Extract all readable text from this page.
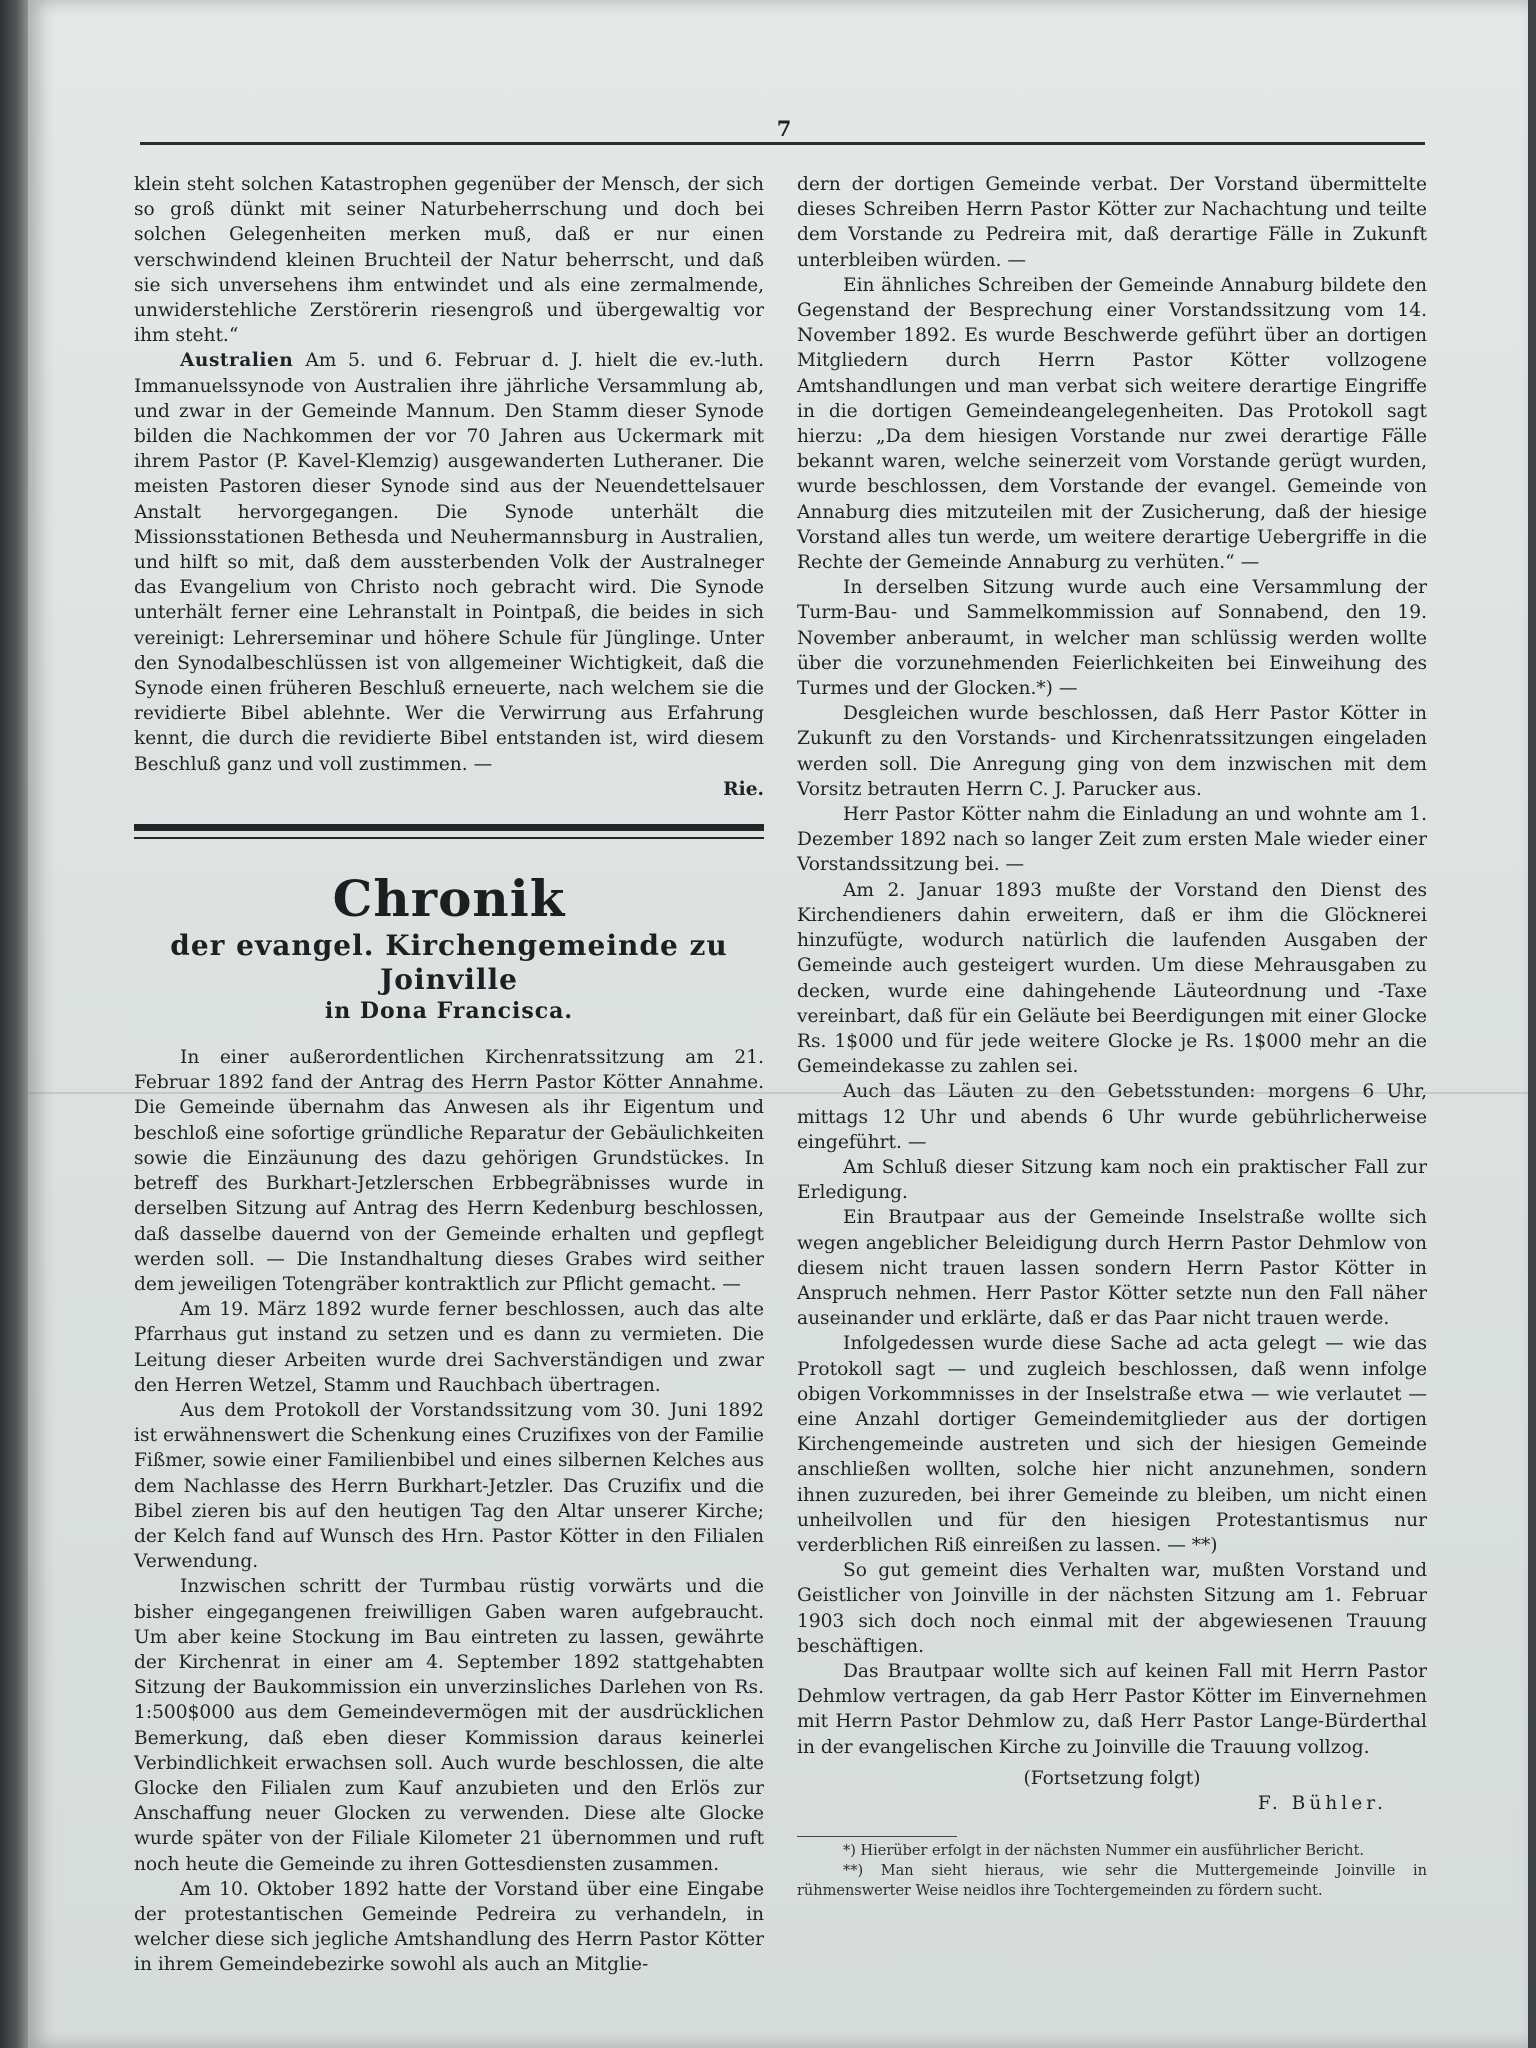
7

klein steht solchen Katastrophen gegenüber der Mensch, der sich so groß dünkt mit seiner Naturbeherrschung und doch bei solchen Gelegenheiten merken muß, daß er nur einen verschwindend kleinen Bruchteil der Natur beherrscht, und daß sie sich unversehens ihm entwindet und als eine zermalmende, unwiderstehliche Zerstörerin riesengroß und übergewaltig vor ihm steht.“

Australien Am 5. und 6. Februar d. J. hielt die ev.-luth. Immanuelssynode von Australien ihre jährliche Versammlung ab, und zwar in der Gemeinde Mannum. Den Stamm dieser Synode bilden die Nachkommen der vor 70 Jahren aus Uckermark mit ihrem Pastor (P. Kavel-Klemzig) ausgewanderten Lutheraner. Die meisten Pastoren dieser Synode sind aus der Neuendettelsauer Anstalt hervorgegangen. Die Synode unterhält die Missionsstationen Bethesda und Neuhermannsburg in Australien, und hilft so mit, daß dem aussterbenden Volk der Australneger das Evangelium von Christo noch gebracht wird. Die Synode unterhält ferner eine Lehranstalt in Pointpaß, die beides in sich vereinigt: Lehrerseminar und höhere Schule für Jünglinge. Unter den Synodalbeschlüssen ist von allgemeiner Wichtigkeit, daß die Synode einen früheren Beschluß erneuerte, nach welchem sie die revidierte Bibel ablehnte. Wer die Verwirrung aus Erfahrung kennt, die durch die revidierte Bibel entstanden ist, wird diesem Beschluß ganz und voll zustimmen. —
Rie.

Chronik
der evangel. Kirchengemeinde zu Joinville
in Dona Francisca.

In einer außerordentlichen Kirchenratssitzung am 21. Februar 1892 fand der Antrag des Herrn Pastor Kötter Annahme. Die Gemeinde übernahm das Anwesen als ihr Eigentum und beschloß eine sofortige gründliche Reparatur der Gebäulichkeiten sowie die Einzäunung des dazu gehörigen Grundstückes. In betreff des Burkhart-Jetzlerschen Erbbegräbnisses wurde in derselben Sitzung auf Antrag des Herrn Kedenburg beschlossen, daß dasselbe dauernd von der Gemeinde erhalten und gepflegt werden soll. — Die Instandhaltung dieses Grabes wird seither dem jeweiligen Totengräber kontraktlich zur Pflicht gemacht. —

Am 19. März 1892 wurde ferner beschlossen, auch das alte Pfarrhaus gut instand zu setzen und es dann zu vermieten. Die Leitung dieser Arbeiten wurde drei Sachverständigen und zwar den Herren Wetzel, Stamm und Rauchbach übertragen.

Aus dem Protokoll der Vorstandssitzung vom 30. Juni 1892 ist erwähnenswert die Schenkung eines Cruzifixes von der Familie Fißmer, sowie einer Familienbibel und eines silbernen Kelches aus dem Nachlasse des Herrn Burkhart-Jetzler. Das Cruzifix und die Bibel zieren bis auf den heutigen Tag den Altar unserer Kirche; der Kelch fand auf Wunsch des Hrn. Pastor Kötter in den Filialen Verwendung.

Inzwischen schritt der Turmbau rüstig vorwärts und die bisher eingegangenen freiwilligen Gaben waren aufgebraucht. Um aber keine Stockung im Bau eintreten zu lassen, gewährte der Kirchenrat in einer am 4. September 1892 stattgehabten Sitzung der Baukommission ein unverzinsliches Darlehen von Rs. 1:500$000 aus dem Gemeindevermögen mit der ausdrücklichen Bemerkung, daß eben dieser Kommission daraus keinerlei Verbindlichkeit erwachsen soll. Auch wurde beschlossen, die alte Glocke den Filialen zum Kauf anzubieten und den Erlös zur Anschaffung neuer Glocken zu verwenden. Diese alte Glocke wurde später von der Filiale Kilometer 21 übernommen und ruft noch heute die Gemeinde zu ihren Gottesdiensten zusammen.

Am 10. Oktober 1892 hatte der Vorstand über eine Eingabe der protestantischen Gemeinde Pedreira zu verhandeln, in welcher diese sich jegliche Amtshandlung des Herrn Pastor Kötter in ihrem Gemeindebezirke sowohl als auch an Mitglie-

dern der dortigen Gemeinde verbat. Der Vorstand übermittelte dieses Schreiben Herrn Pastor Kötter zur Nachachtung und teilte dem Vorstande zu Pedreira mit, daß derartige Fälle in Zukunft unterbleiben würden. —

Ein ähnliches Schreiben der Gemeinde Annaburg bildete den Gegenstand der Besprechung einer Vorstandssitzung vom 14. November 1892. Es wurde Beschwerde geführt über an dortigen Mitgliedern durch Herrn Pastor Kötter vollzogene Amtshandlungen und man verbat sich weitere derartige Eingriffe in die dortigen Gemeindeangelegenheiten. Das Protokoll sagt hierzu: „Da dem hiesigen Vorstande nur zwei derartige Fälle bekannt waren, welche seinerzeit vom Vorstande gerügt wurden, wurde beschlossen, dem Vorstande der evangel. Gemeinde von Annaburg dies mitzuteilen mit der Zusicherung, daß der hiesige Vorstand alles tun werde, um weitere derartige Uebergriffe in die Rechte der Gemeinde Annaburg zu verhüten.“ —

In derselben Sitzung wurde auch eine Versammlung der Turm-Bau- und Sammelkommission auf Sonnabend, den 19. November anberaumt, in welcher man schlüssig werden wollte über die vorzunehmenden Feierlichkeiten bei Einweihung des Turmes und der Glocken.*) —

Desgleichen wurde beschlossen, daß Herr Pastor Kötter in Zukunft zu den Vorstands- und Kirchenratssitzungen eingeladen werden soll. Die Anregung ging von dem inzwischen mit dem Vorsitz betrauten Herrn C. J. Parucker aus.

Herr Pastor Kötter nahm die Einladung an und wohnte am 1. Dezember 1892 nach so langer Zeit zum ersten Male wieder einer Vorstandssitzung bei. —

Am 2. Januar 1893 mußte der Vorstand den Dienst des Kirchendieners dahin erweitern, daß er ihm die Glöcknerei hinzufügte, wodurch natürlich die laufenden Ausgaben der Gemeinde auch gesteigert wurden. Um diese Mehrausgaben zu decken, wurde eine dahingehende Läuteordnung und -Taxe vereinbart, daß für ein Geläute bei Beerdigungen mit einer Glocke Rs. 1$000 und für jede weitere Glocke je Rs. 1$000 mehr an die Gemeindekasse zu zahlen sei.

Auch das Läuten zu den Gebetsstunden: morgens 6 Uhr, mittags 12 Uhr und abends 6 Uhr wurde gebührlicherweise eingeführt. —

Am Schluß dieser Sitzung kam noch ein praktischer Fall zur Erledigung.

Ein Brautpaar aus der Gemeinde Inselstraße wollte sich wegen angeblicher Beleidigung durch Herrn Pastor Dehmlow von diesem nicht trauen lassen sondern Herrn Pastor Kötter in Anspruch nehmen. Herr Pastor Kötter setzte nun den Fall näher auseinander und erklärte, daß er das Paar nicht trauen werde.

Infolgedessen wurde diese Sache ad acta gelegt — wie das Protokoll sagt — und zugleich beschlossen, daß wenn infolge obigen Vorkommnisses in der Inselstraße etwa — wie verlautet — eine Anzahl dortiger Gemeindemitglieder aus der dortigen Kirchengemeinde austreten und sich der hiesigen Gemeinde anschließen wollten, solche hier nicht anzunehmen, sondern ihnen zuzureden, bei ihrer Gemeinde zu bleiben, um nicht einen unheilvollen und für den hiesigen Protestantismus nur verderblichen Riß einreißen zu lassen. — **)

So gut gemeint dies Verhalten war, mußten Vorstand und Geistlicher von Joinville in der nächsten Sitzung am 1. Februar 1903 sich doch noch einmal mit der abgewiesenen Trauung beschäftigen.

Das Brautpaar wollte sich auf keinen Fall mit Herrn Pastor Dehmlow vertragen, da gab Herr Pastor Kötter im Einvernehmen mit Herrn Pastor Dehmlow zu, daß Herr Pastor Lange-Bürderthal in der evangelischen Kirche zu Joinville die Trauung vollzog.

(Fortsetzung folgt)
F. Bühler.
*) Hierüber erfolgt in der nächsten Nummer ein ausführlicher Bericht.
**) Man sieht hieraus, wie sehr die Muttergemeinde Joinville in rühmenswerter Weise neidlos ihre Tochtergemeinden zu fördern sucht.
